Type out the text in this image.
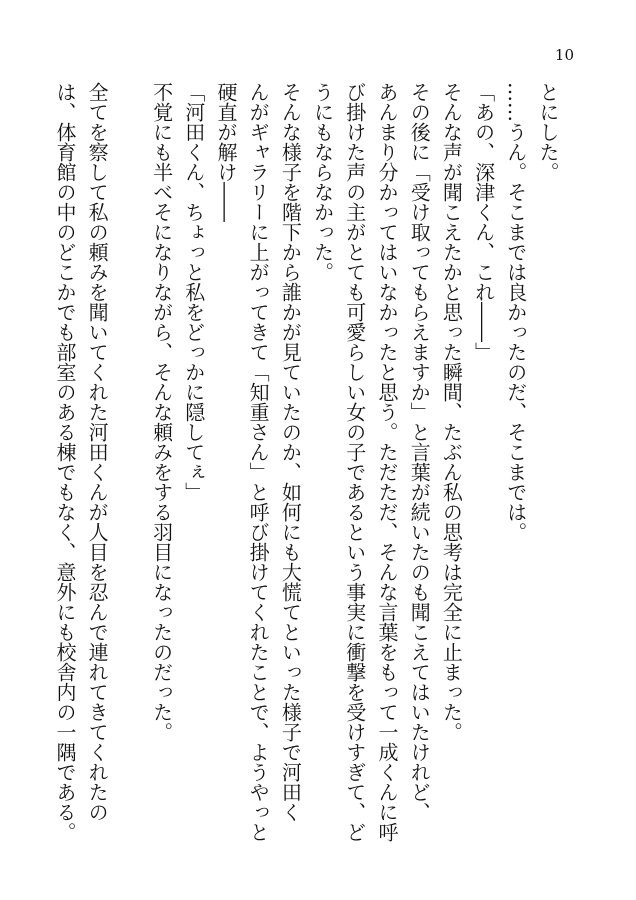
10
とにした。
……うん。そこまでは良かったのだ、そこまでは。
「あの、深津くん、これ――」
そんな声が聞こえたかと思った瞬間、たぶん私の思考は完全に止まった。
その後に「受け取ってもらえますか」と言葉が続いたのも聞こえてはいたけれど、
あんまり分かってはいなかったと思う。ただただ、そんな言葉をもって一成くんに呼
び掛けた声の主がとても可愛らしい女の子であるという事実に衝撃を受けすぎて、ど
うにもならなかった。
そんな様子を階下から誰かが見ていたのか、如何にも大慌てといった様子で河田く
んがギャラリーに上がってきて「知重さん」と呼び掛けてくれたことで、ようやっと
硬直が解け――
「河田くん、ちょっと私をどっかに隠してぇ」
不覚にも半べそになりながら、そんな頼みをする羽目になったのだった。
全てを察して私の頼みを聞いてくれた河田くんが人目を忍んで連れてきてくれたの
は、体育館の中のどこかでも部室のある棟でもなく、意外にも校舎内の一隅である。
